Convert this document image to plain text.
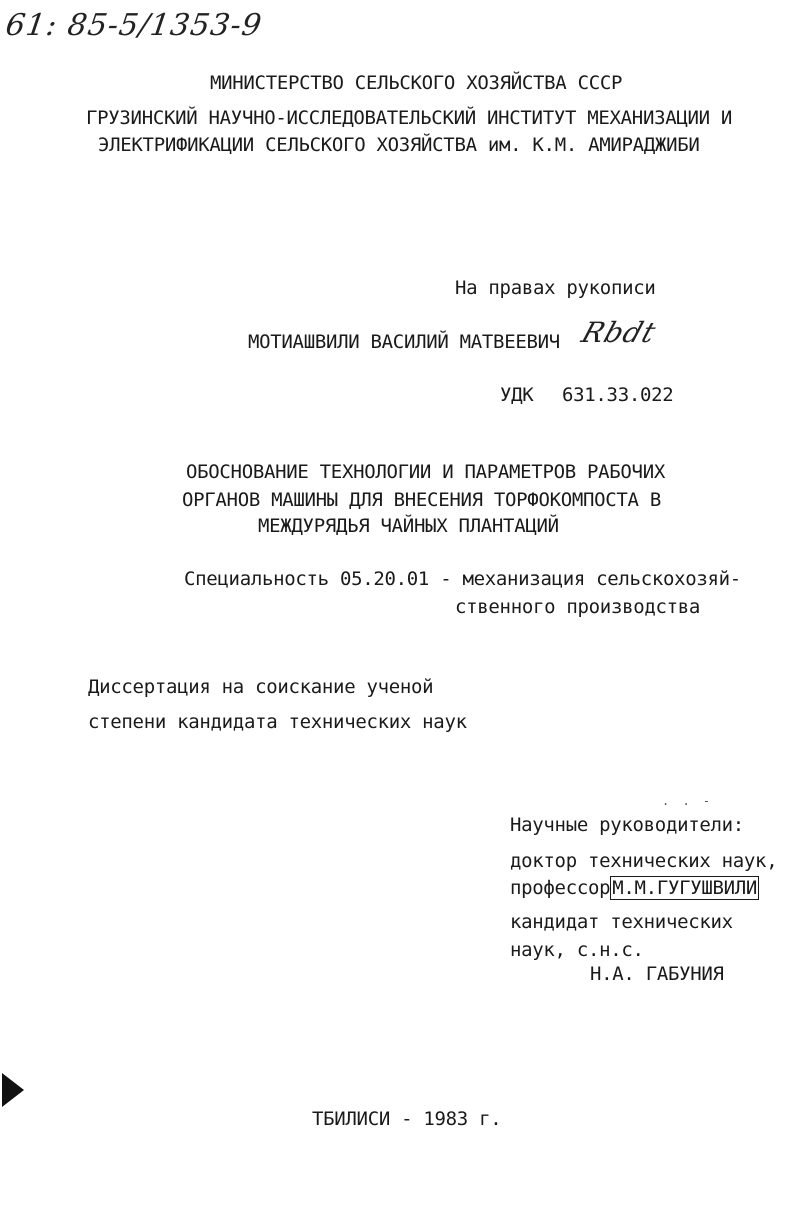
61: 85-5/1353-9
МИНИСТЕРСТВО СЕЛЬСКОГО ХОЗЯЙСТВА СССР
ГРУЗИНСКИЙ НАУЧНО-ИССЛЕДОВАТЕЛЬСКИЙ ИНСТИТУТ МЕХАНИЗАЦИИ И
ЭЛЕКТРИФИКАЦИИ СЕЛЬСКОГО ХОЗЯЙСТВА им. К.М. АМИРАДЖИБИ
На правах рукописи
МОТИАШВИЛИ ВАСИЛИЙ МАТВЕЕВИЧ Rbdt
УДК 631.33.022
ОБОСНОВАНИЕ ТЕХНОЛОГИИ И ПАРАМЕТРОВ РАБОЧИХ
ОРГАНОВ МАШИНЫ ДЛЯ ВНЕСЕНИЯ ТОРФОКОМПОСТА В
МЕЖДУРЯДЬЯ ЧАЙНЫХ ПЛАНТАЦИЙ
Специальность 05.20.01 - механизация сельскохозяй-
ственного производства
Диссертация на соискание ученой
степени кандидата технических наук
. . -
Научные руководители:
доктор технических наук,
профессор М.М.ГУГУШВИЛИ
кандидат технических
наук, с.н.с.
Н.А. ГАБУНИЯ
ТБИЛИСИ - 1983 г.
